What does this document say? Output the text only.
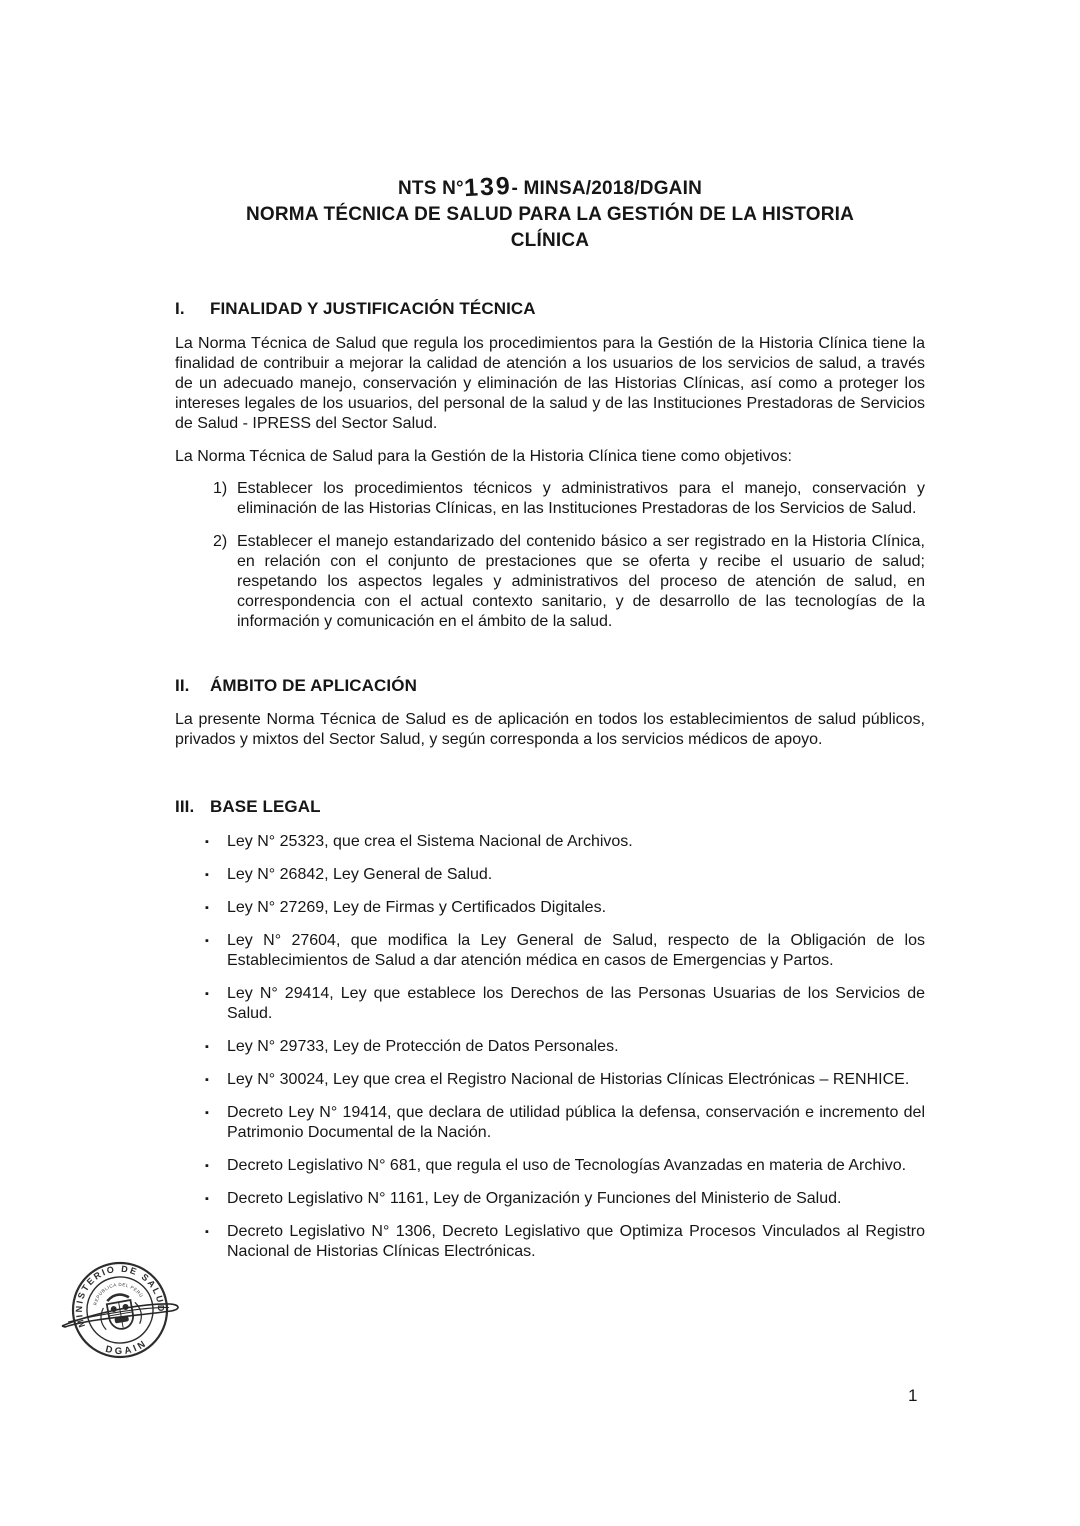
NTS N°139- MINSA/2018/DGAIN
NORMA TÉCNICA DE SALUD PARA LA GESTIÓN DE LA HISTORIA
CLÍNICA
I.	FINALIDAD Y JUSTIFICACIÓN TÉCNICA
La Norma Técnica de Salud que regula los procedimientos para la Gestión de la Historia Clínica tiene la finalidad de contribuir a mejorar la calidad de atención a los usuarios de los servicios de salud, a través de un adecuado manejo, conservación y eliminación de las Historias Clínicas, así como a proteger los intereses legales de los usuarios, del personal de la salud y de las Instituciones Prestadoras de Servicios de Salud - IPRESS del Sector Salud.
La Norma Técnica de Salud para la Gestión de la Historia Clínica tiene como objetivos:
1) Establecer los procedimientos técnicos y administrativos para el manejo, conservación y eliminación de las Historias Clínicas, en las Instituciones Prestadoras de los Servicios de Salud.
2) Establecer el manejo estandarizado del contenido básico a ser registrado en la Historia Clínica, en relación con el conjunto de prestaciones que se oferta y recibe el usuario de salud; respetando los aspectos legales y administrativos del proceso de atención de salud, en correspondencia con el actual contexto sanitario, y de desarrollo de las tecnologías de la información y comunicación en el ámbito de la salud.
II.	ÁMBITO DE APLICACIÓN
La presente Norma Técnica de Salud es de aplicación en todos los establecimientos de salud públicos, privados y mixtos del Sector Salud, y según corresponda a los servicios médicos de apoyo.
III. BASE LEGAL
▪	Ley N° 25323, que crea el Sistema Nacional de Archivos.
▪	Ley N° 26842, Ley General de Salud.
▪	Ley N° 27269, Ley de Firmas y Certificados Digitales.
▪	Ley N° 27604, que modifica la Ley General de Salud, respecto de la Obligación de los Establecimientos de Salud a dar atención médica en casos de Emergencias y Partos.
▪	Ley N° 29414, Ley que establece los Derechos de las Personas Usuarias de los Servicios de Salud.
▪	Ley N° 29733, Ley de Protección de Datos Personales.
▪	Ley N° 30024, Ley que crea el Registro Nacional de Historias Clínicas Electrónicas – RENHICE.
▪	Decreto Ley N° 19414, que declara de utilidad pública la defensa, conservación e incremento del Patrimonio Documental de la Nación.
▪	Decreto Legislativo N° 681, que regula el uso de Tecnologías Avanzadas en materia de Archivo.
▪	Decreto Legislativo N° 1161, Ley de Organización y Funciones del Ministerio de Salud.
▪	Decreto Legislativo N° 1306, Decreto Legislativo que Optimiza Procesos Vinculados al Registro Nacional de Historias Clínicas Electrónicas.
MINISTERIO DE SALUD
DGAIN
REPÚBLICA DEL PERÚ
1
